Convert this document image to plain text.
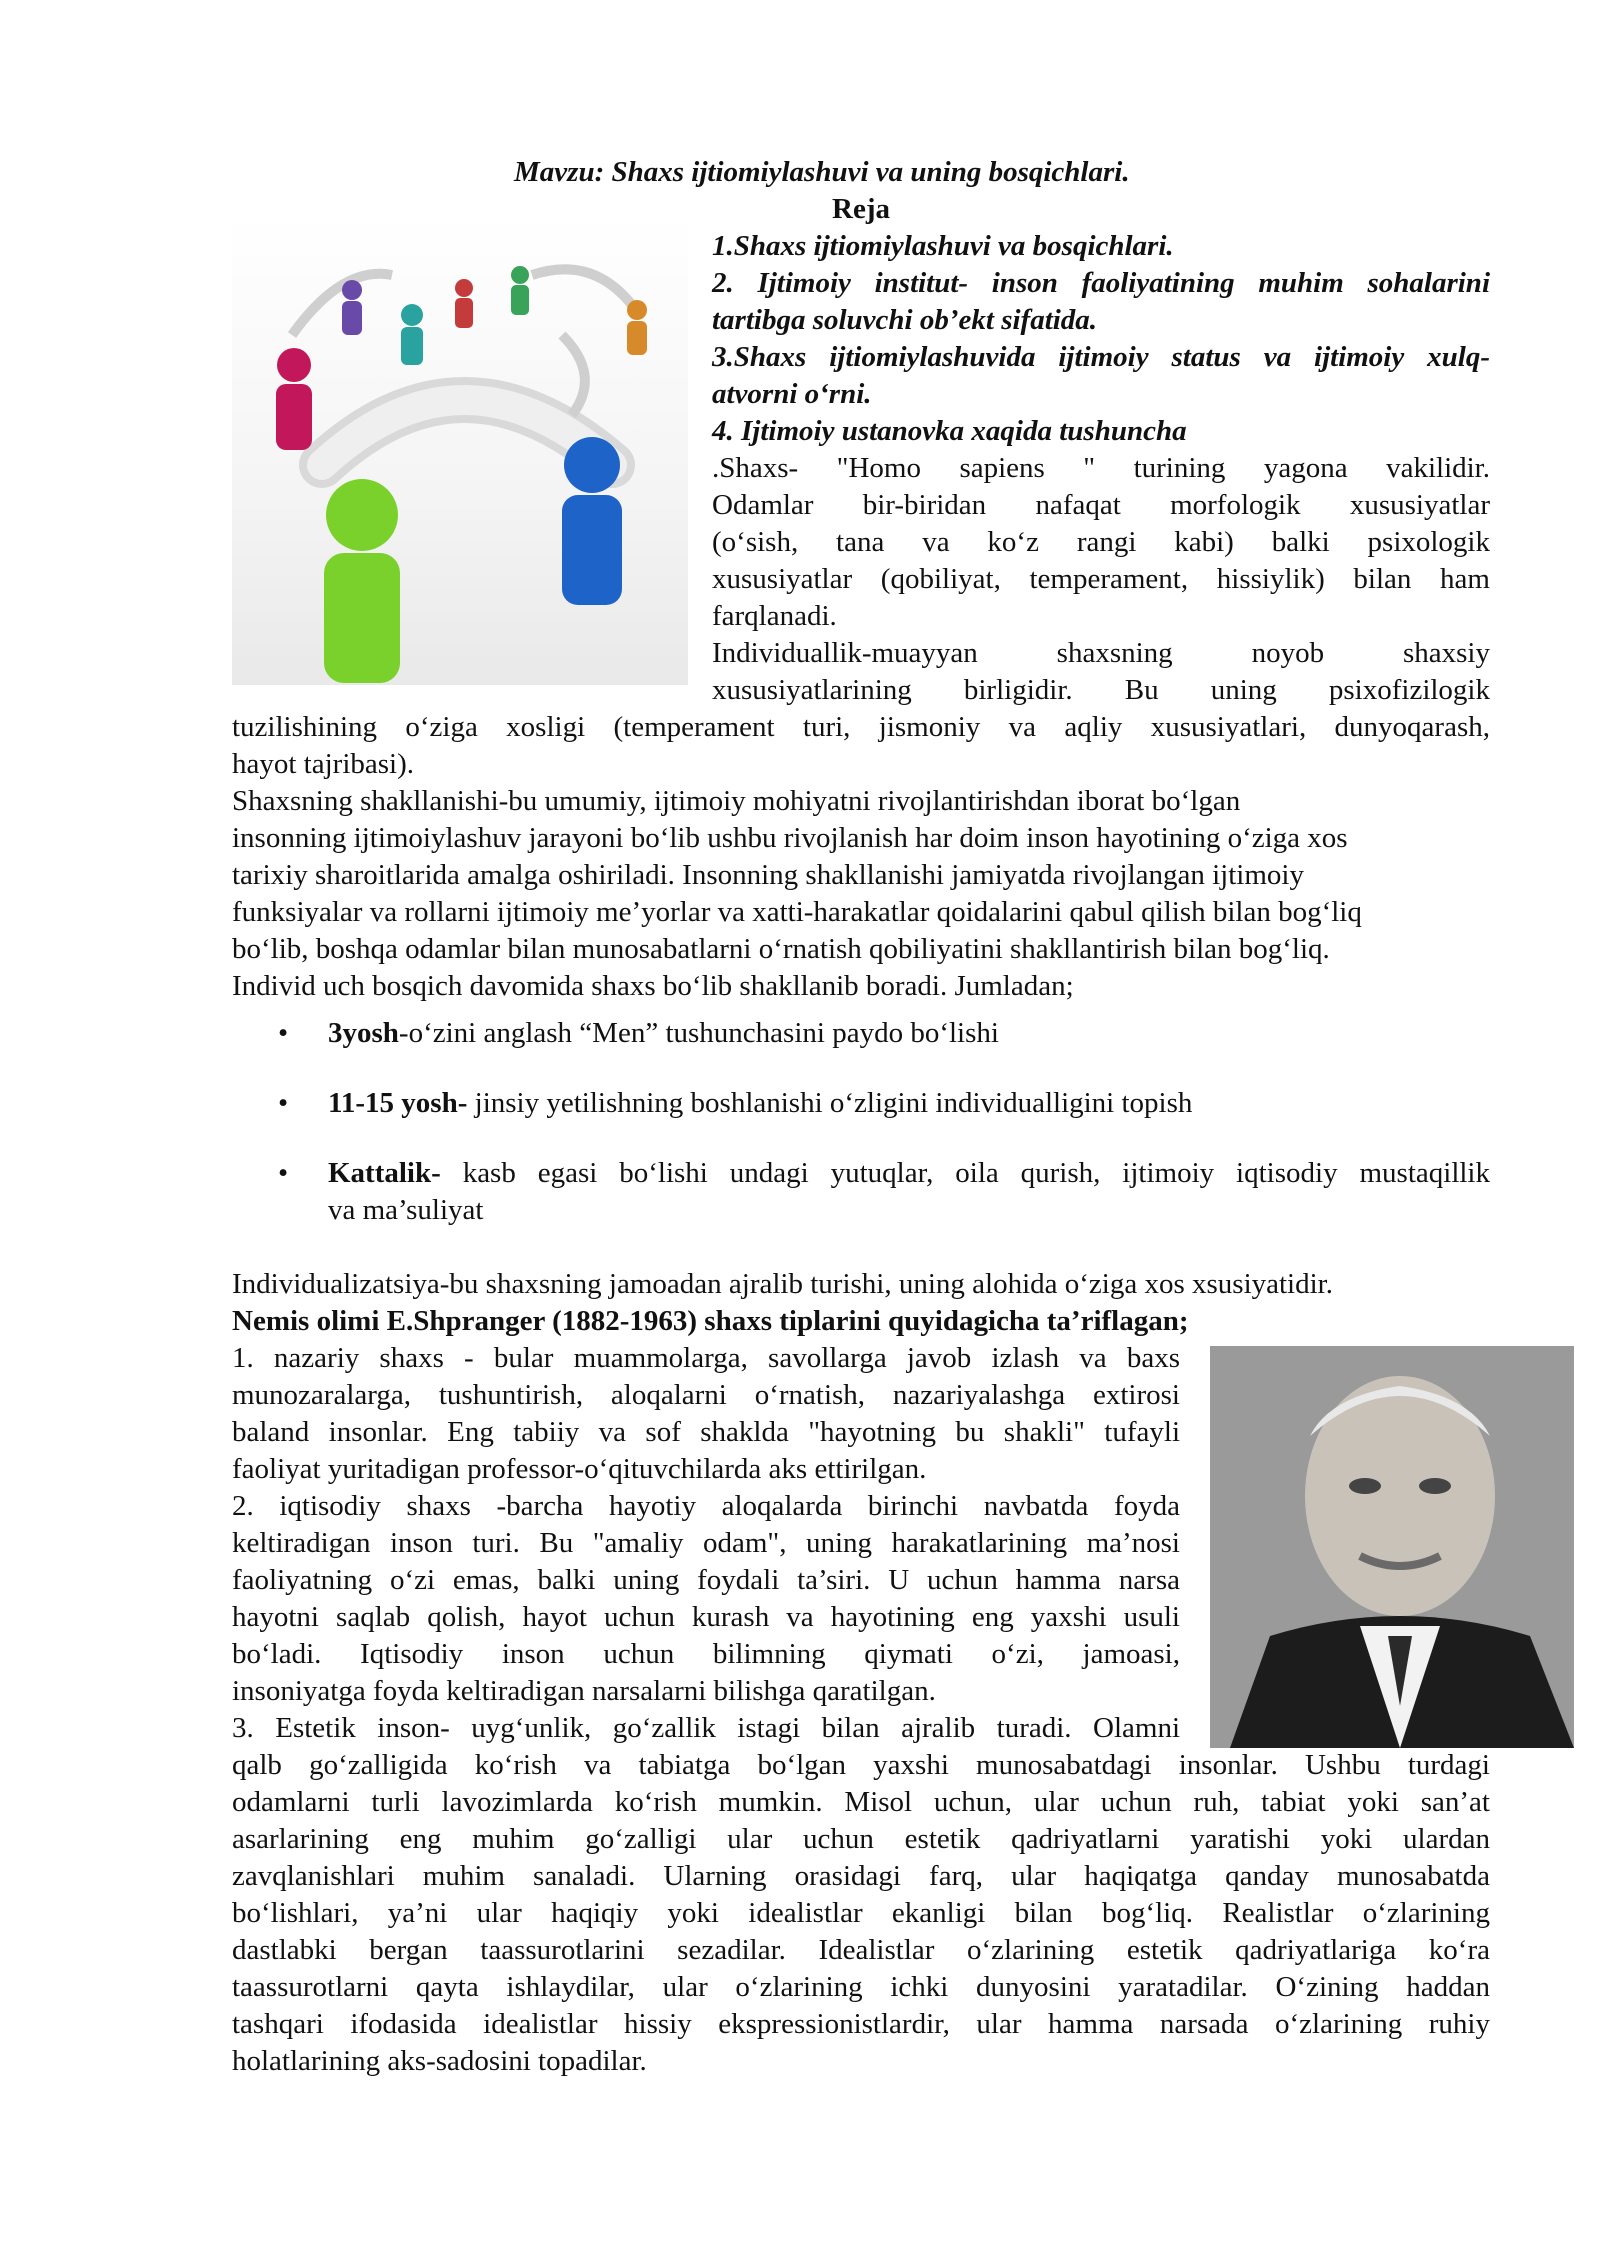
Mavzu: Shaxs ijtiomiylashuvi va uning bosqichlari.
Reja
1.Shaxs ijtiomiylashuvi va bosqichlari.
2. Ijtimoiy institut- inson faoliyatining muhim sohalarini
tartibga soluvchi ob’ekt sifatida.
3.Shaxs ijtiomiylashuvida ijtimoiy status va ijtimoiy xulq-
atvorni o‘rni.
4. Ijtimoiy ustanovka xaqida tushuncha
.Shaxs- "Homo sapiens " turining yagona vakilidir.
Odamlar bir-biridan nafaqat morfologik xususiyatlar
(o‘sish, tana va ko‘z rangi kabi) balki psixologik
xususiyatlar (qobiliyat, temperament, hissiylik) bilan ham
farqlanadi.
Individuallik-muayyan shaxsning noyob shaxsiy
xususiyatlarining birligidir. Bu uning psixofizilogik
tuzilishining o‘ziga xosligi (temperament turi, jismoniy va aqliy xususiyatlari, dunyoqarash,
hayot tajribasi).
Shaxsning shakllanishi-bu umumiy, ijtimoiy mohiyatni rivojlantirishdan iborat bo‘lgan
insonning ijtimoiylashuv jarayoni bo‘lib ushbu rivojlanish har doim inson hayotining o‘ziga xos
tarixiy sharoitlarida amalga oshiriladi. Insonning shakllanishi jamiyatda rivojlangan ijtimoiy
funksiyalar va rollarni ijtimoiy me’yorlar va xatti-harakatlar qoidalarini qabul qilish bilan bog‘liq
bo‘lib, boshqa odamlar bilan munosabatlarni o‘rnatish qobiliyatini shakllantirish bilan bog‘liq.
Individ uch bosqich davomida shaxs bo‘lib shakllanib boradi. Jumladan;
• 3yosh-o‘zini anglash “Men” tushunchasini paydo bo‘lishi
• 11-15 yosh- jinsiy yetilishning boshlanishi o‘zligini individualligini topish
• Kattalik- kasb egasi bo‘lishi undagi yutuqlar, oila qurish, ijtimoiy iqtisodiy mustaqillik
va ma’suliyat
Individualizatsiya-bu shaxsning jamoadan ajralib turishi, uning alohida o‘ziga xos xsusiyatidir.
Nemis olimi E.Shpranger (1882-1963) shaxs tiplarini quyidagicha ta’riflagan;
1. nazariy shaxs - bular muammolarga, savollarga javob izlash va baxs
munozaralarga, tushuntirish, aloqalarni o‘rnatish, nazariyalashga extirosi
baland insonlar. Eng tabiiy va sof shaklda "hayotning bu shakli" tufayli
faoliyat yuritadigan professor-o‘qituvchilarda aks ettirilgan.
2. iqtisodiy shaxs -barcha hayotiy aloqalarda birinchi navbatda foyda
keltiradigan inson turi. Bu "amaliy odam", uning harakatlarining ma’nosi
faoliyatning o‘zi emas, balki uning foydali ta’siri. U uchun hamma narsa
hayotni saqlab qolish, hayot uchun kurash va hayotining eng yaxshi usuli
bo‘ladi. Iqtisodiy inson uchun bilimning qiymati o‘zi, jamoasi,
insoniyatga foyda keltiradigan narsalarni bilishga qaratilgan.
3. Estetik inson- uyg‘unlik, go‘zallik istagi bilan ajralib turadi. Olamni
qalb go‘zalligida ko‘rish va tabiatga bo‘lgan yaxshi munosabatdagi insonlar. Ushbu turdagi
odamlarni turli lavozimlarda ko‘rish mumkin. Misol uchun, ular uchun ruh, tabiat yoki san’at
asarlarining eng muhim go‘zalligi ular uchun estetik qadriyatlarni yaratishi yoki ulardan
zavqlanishlari muhim sanaladi. Ularning orasidagi farq, ular haqiqatga qanday munosabatda
bo‘lishlari, ya’ni ular haqiqiy yoki idealistlar ekanligi bilan bog‘liq. Realistlar o‘zlarining
dastlabki bergan taassurotlarini sezadilar. Idealistlar o‘zlarining estetik qadriyatlariga ko‘ra
taassurotlarni qayta ishlaydilar, ular o‘zlarining ichki dunyosini yaratadilar. O‘zining haddan
tashqari ifodasida idealistlar hissiy ekspressionistlardir, ular hamma narsada o‘zlarining ruhiy
holatlarining aks-sadosini topadilar.
